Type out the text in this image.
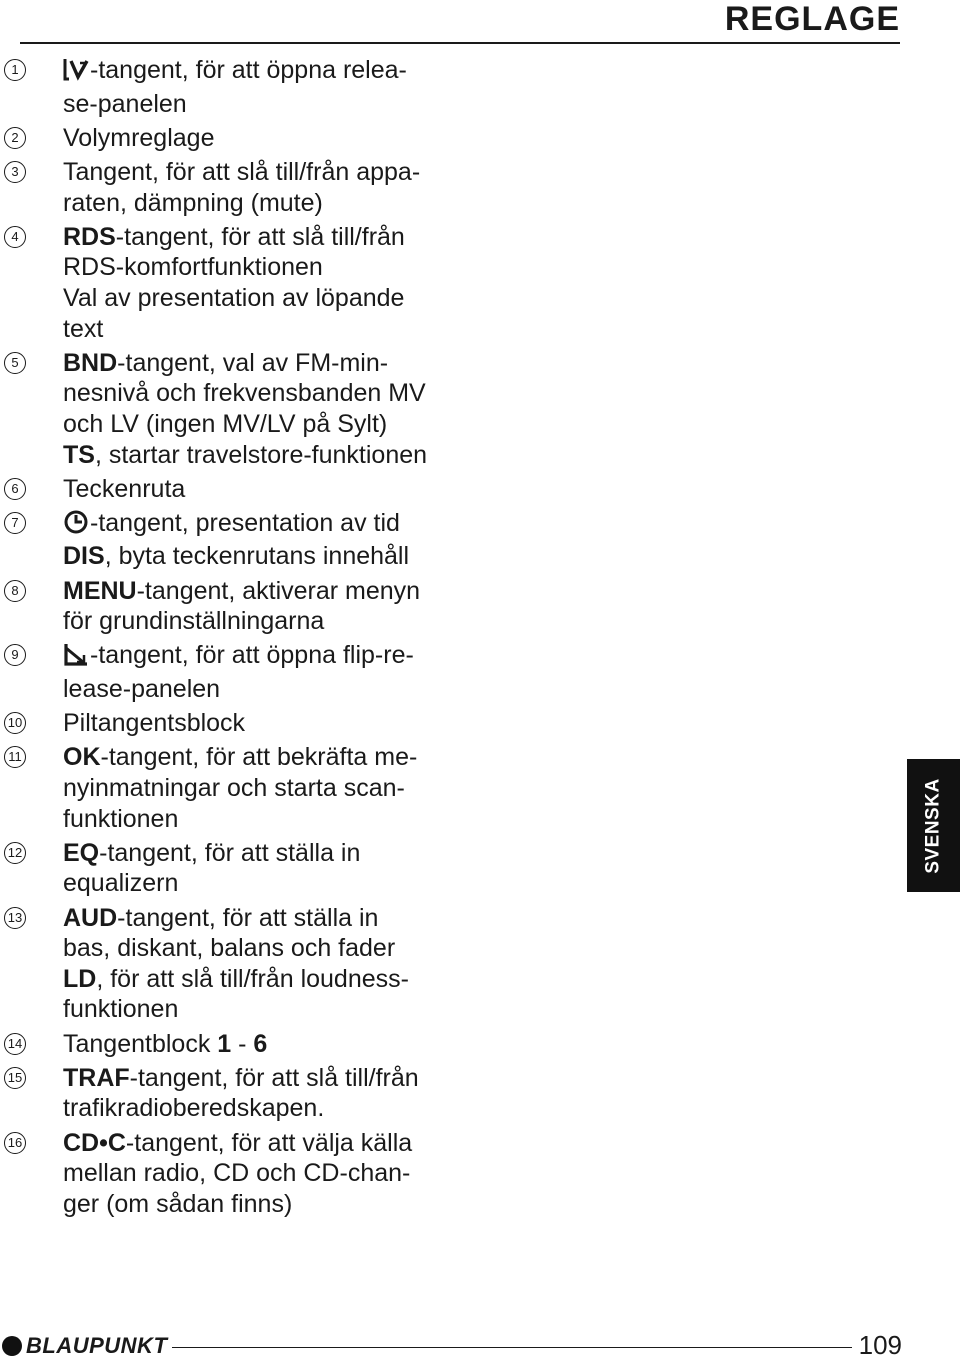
REGLAGE
1	-tangent, för att öppna relea-
se-panelen
2 Volymreglage
3 Tangent, för att slå till/från appa-
raten, dämpning (mute)
4 RDS-tangent, för att slå till/från
RDS-komfortfunktionen
Val av presentation av löpande
text
5 BND-tangent, val av FM-min-
nesnivå och frekvensbanden MV
och LV (ingen MV/LV på Sylt)
TS, startar travelstore-funktionen
6 Teckenruta
7	-tangent, presentation av tid
DIS, byta teckenrutans innehåll
8 MENU-tangent, aktiverar menyn
för grundinställningarna
9	-tangent, för att öppna flip-re-
lease-panelen
10 Piltangentsblock
11 OK-tangent, för att bekräfta me-
nyinmatningar och starta scan-
funktionen
12 EQ-tangent, för att ställa in
equalizern
13 AUD-tangent, för att ställa in
bas, diskant, balans och fader
LD, för att slå till/från loudness-
funktionen
14 Tangentblock 1 - 6
15 TRAF-tangent, för att slå till/från
trafikradioberedskapen.
16 CD•C-tangent, för att välja källa
mellan radio, CD och CD-chan-
ger (om sådan finns)
SVENSKA
BLAUPUNKT	109
